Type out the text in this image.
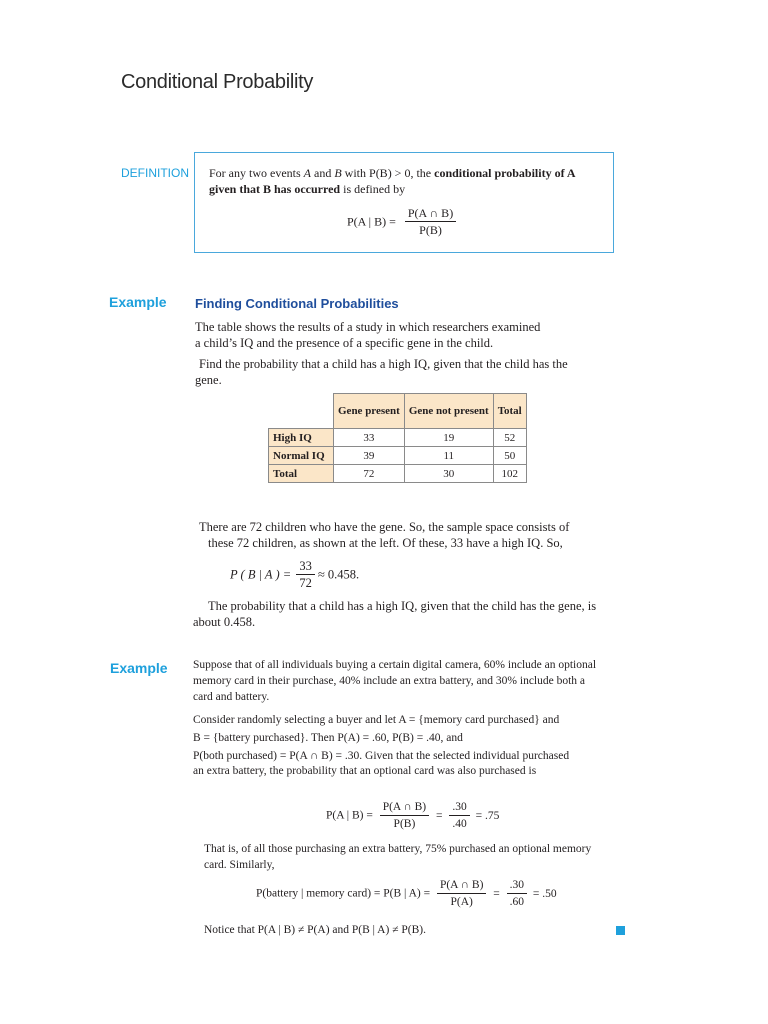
Conditional Probability
DEFINITION For any two events A and B with P(B) > 0, the conditional probability of A
given that B has occurred is defined by
P(A | $B) = \frac{P(A \cap B)}{P(B)}$
Example Finding Conditional Probabilities
The table shows the results of a study in which researchers examined
a child’s IQ and the presence of a specific gene in the child.
Find the probability that a child has a high IQ, given that the child has the
gene.
	Gene present	Gene not present	Total
High IQ	33	19	52
Normal IQ	39	11	50
Total	72	30	102
There are 72 children who have the gene. So, the sample space consists of
these 72 children, as shown at the left. Of these, 33 have a high IQ. So,
P ( B | A ) = $\frac{33}{72} \approx 0.458$.
The probability that a child has a high IQ, given that the child has the gene, is
about 0.458.
Example Suppose that of all individuals buying a certain digital camera, 60% include an optional
memory card in their purchase, 40% include an extra battery, and 30% include both a
card and battery.
Consider randomly selecting a buyer and let A = {memory card purchased} and
B = {battery purchased}. Then P(A) = .60, P(B) = .40, and
P(both purchased) = P(A ∩ B) = .30. Given that the selected individual purchased
an extra battery, the probability that an optional card was also purchased is
P(A | $B) = \frac{P(A \cap B)}{P(B)} = \frac{.30}{.40} = .75$
That is, of all those purchasing an extra battery, 75% purchased an optional memory
card. Similarly,
P(battery | memory card) = P(B | $A) = \frac{P(A \cap B)}{P(A)} = \frac{.30}{.60} = .50$
Notice that P(A | B) ≠ P(A) and P(B | A) ≠ P(B).
